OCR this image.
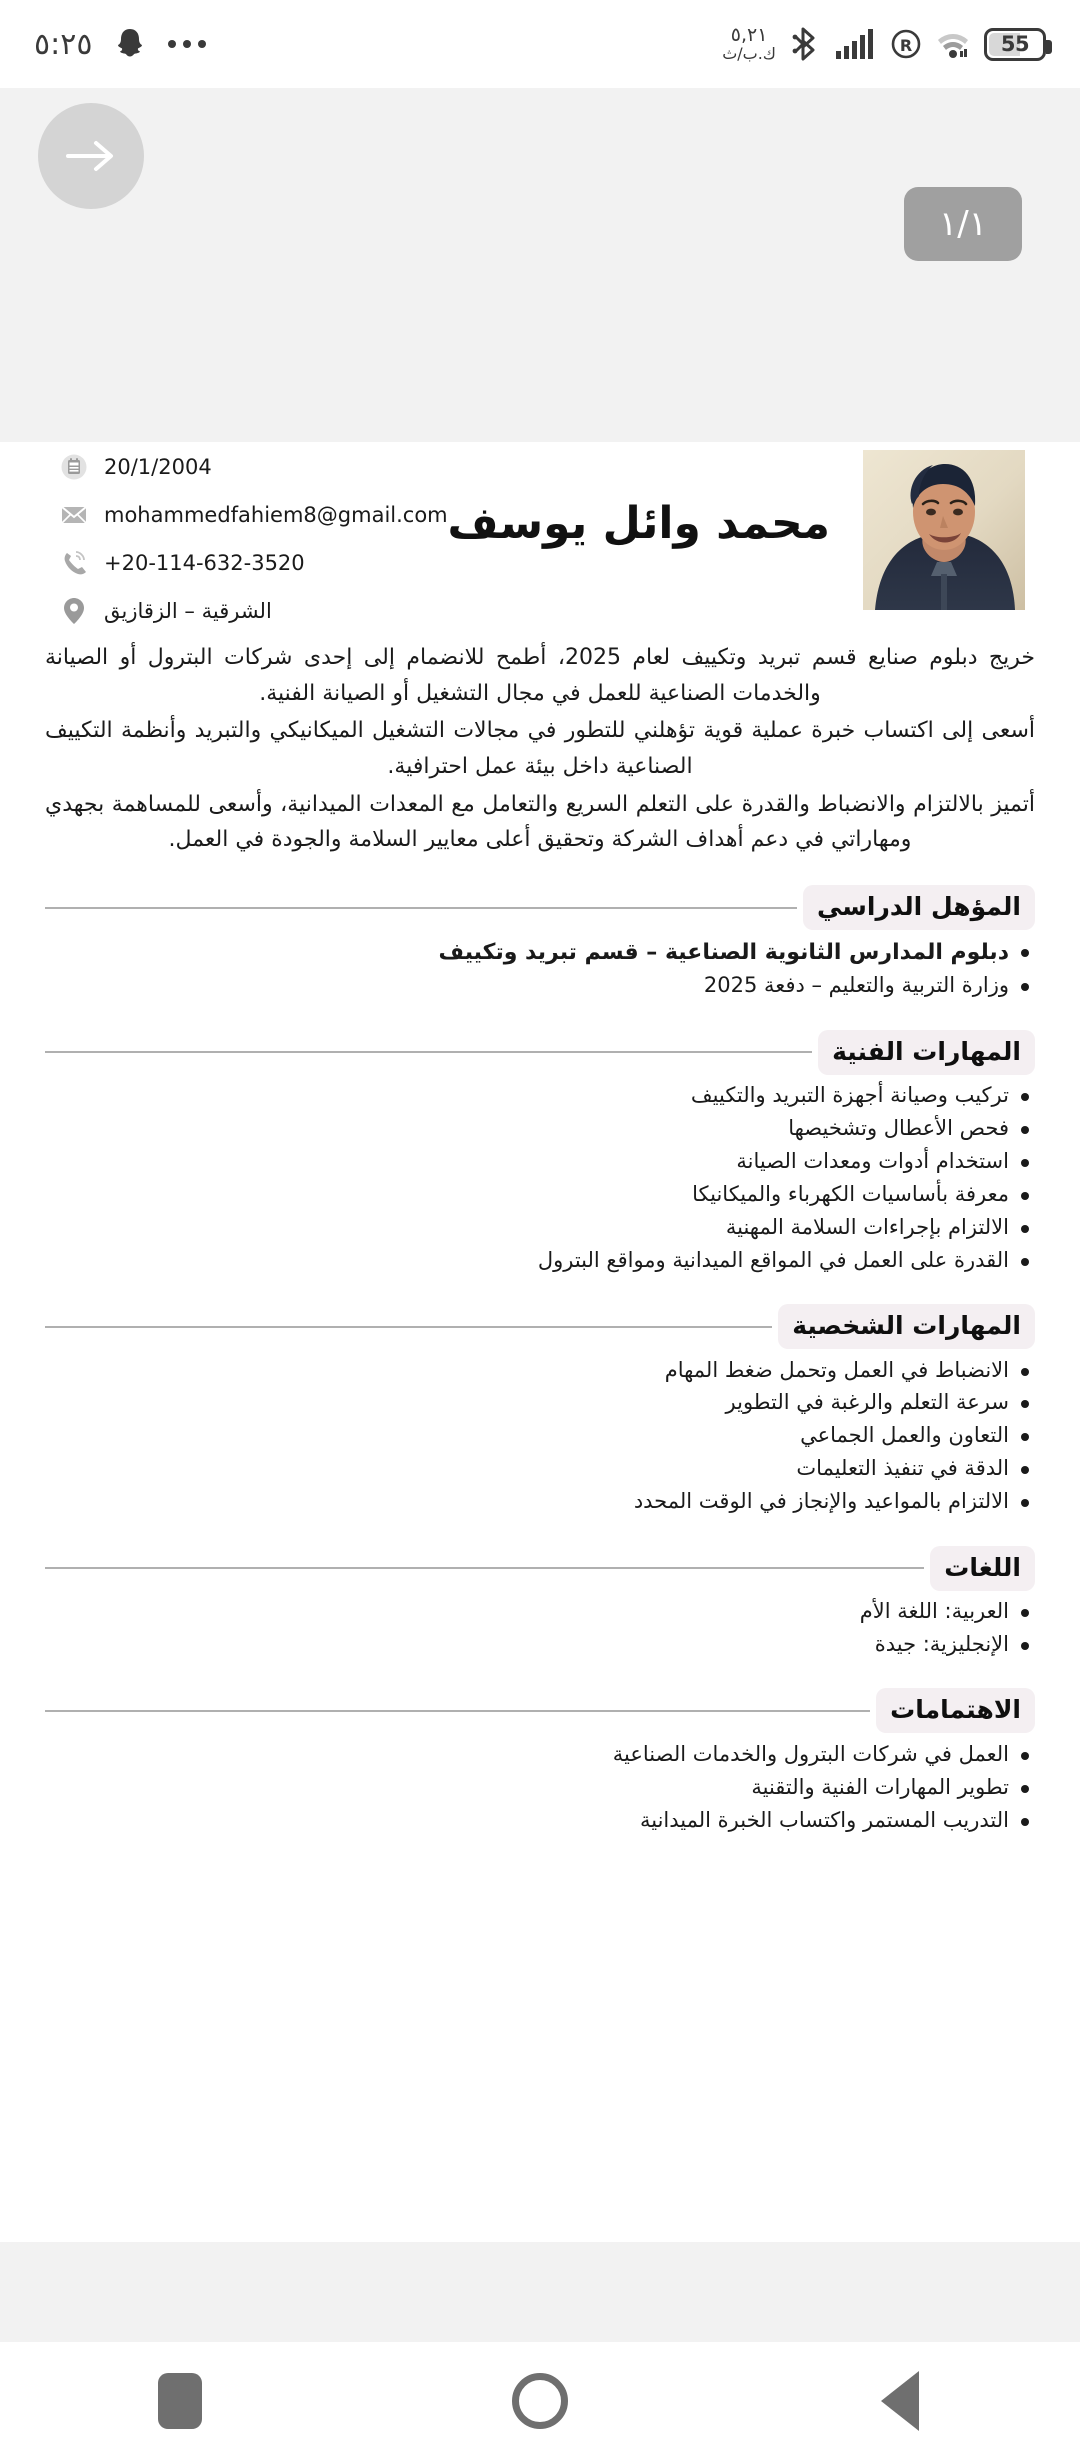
55
R
٥,٢١
ك.ب/ث
٥:٢٥
١/١
محمد وائل يوسف
20/1/2004
mohammedfahiem8@gmail.com
+20-114-632-3520
الشرقية – الزقازيق

خريج دبلوم صنايع قسم تبريد وتكييف لعام 2025، أطمح للانضمام إلى إحدى شركات البترول أو الصيانة والخدمات الصناعية للعمل في مجال التشغيل أو الصيانة الفنية.

أسعى إلى اكتساب خبرة عملية قوية تؤهلني للتطور في مجالات التشغيل الميكانيكي والتبريد وأنظمة التكييف الصناعية داخل بيئة عمل احترافية.

أتميز بالالتزام والانضباط والقدرة على التعلم السريع والتعامل مع المعدات الميدانية، وأسعى للمساهمة بجهدي ومهاراتي في دعم أهداف الشركة وتحقيق أعلى معايير السلامة والجودة في العمل.

المؤهل الدراسي
دبلوم المدارس الثانوية الصناعية – قسم تبريد وتكييف
وزارة التربية والتعليم – دفعة 2025
المهارات الفنية
تركيب وصيانة أجهزة التبريد والتكييف
فحص الأعطال وتشخيصها
استخدام أدوات ومعدات الصيانة
معرفة بأساسيات الكهرباء والميكانيكا
الالتزام بإجراءات السلامة المهنية
القدرة على العمل في المواقع الميدانية ومواقع البترول
المهارات الشخصية
الانضباط في العمل وتحمل ضغط المهام
سرعة التعلم والرغبة في التطوير
التعاون والعمل الجماعي
الدقة في تنفيذ التعليمات
الالتزام بالمواعيد والإنجاز في الوقت المحدد
اللغات
العربية: اللغة الأم
الإنجليزية: جيدة
الاهتمامات
العمل في شركات البترول والخدمات الصناعية
تطوير المهارات الفنية والتقنية
التدريب المستمر واكتساب الخبرة الميدانية
